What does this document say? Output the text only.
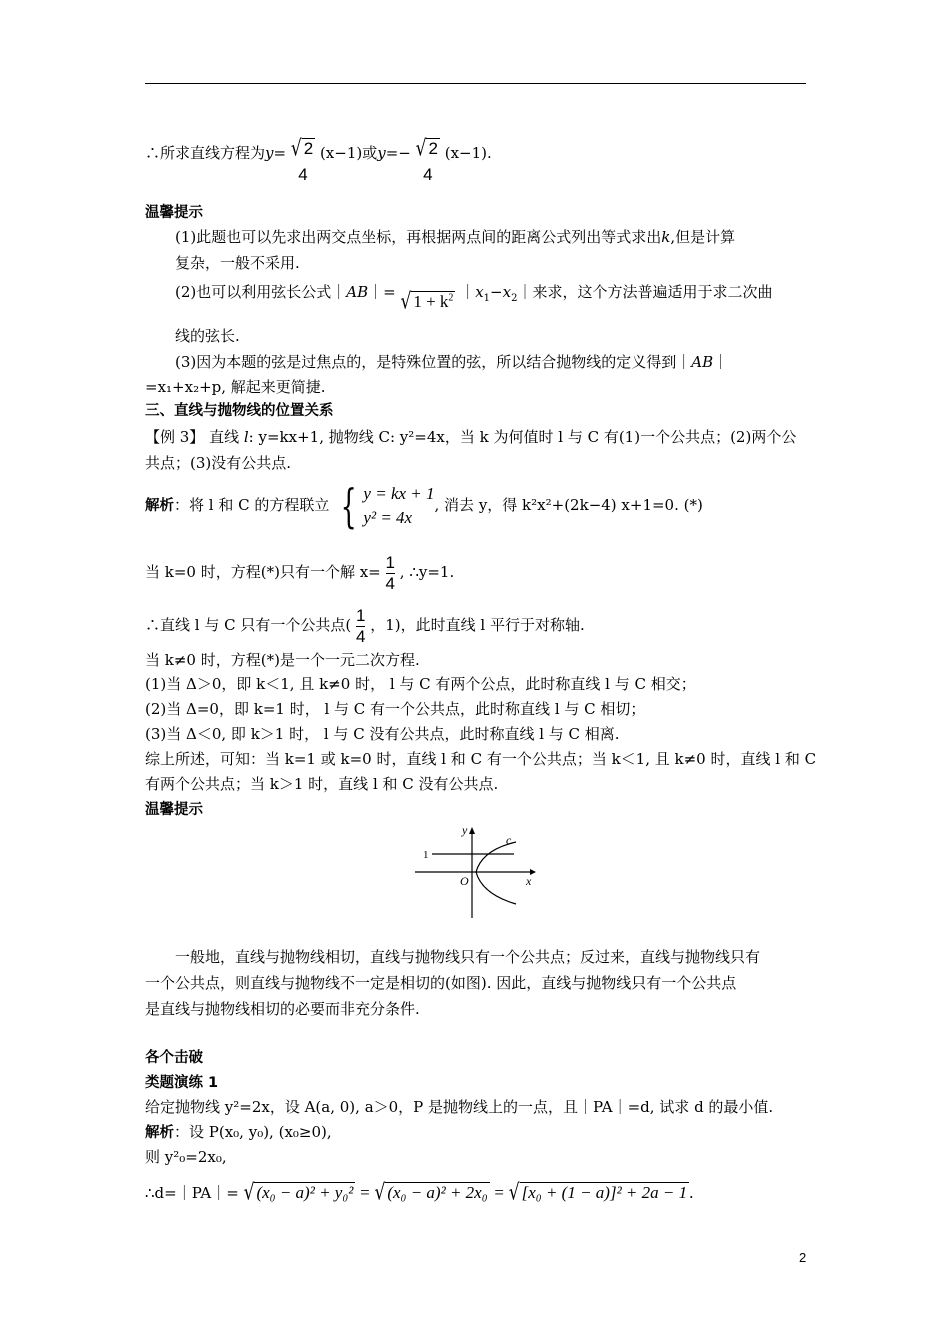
∴所求直线方程为y= √ 2
4
(x−1)或y=− √ 2
4
(x−1).
温馨提示
(1)此题也可以先求出两交点坐标，再根据两点间的距离公式列出等式求出k,但是计算
复杂，一般不采用.
(2)也可以利用弦长公式｜AB｜= √ $1 + k^2$ $|x_1-x_2|$来求，这个方法普遍适用于求二次曲
线的弦长.
(3)因为本题的弦是过焦点的，是特殊位置的弦，所以结合抛物线的定义得到｜AB｜
=x₁+x₂+p, 解起来更简捷.
三、直线与抛物线的位置关系
【例 3】 直线 l: y=kx+1, 抛物线 C: y²=4x，当 k 为何值时 l 与 C 有(1)一个公共点；(2)两个公
共点；(3)没有公共点.
解析：将 l 和 C 的方程联立 { y = kx + 1
y² = 4x
, 消去 y，得 k²x²+(2k−4) x+1=0. (*)
当 k=0 时，方程(*)只有一个解 $x= \frac{1}{4}$ , ∴y=1.
∴直线 l 与 C 只有一个公共点( $\frac{1}{4}$ ，1)，此时直线 l 平行于对称轴.
当 k≠0 时，方程(*)是一个一元二次方程.
(1)当 Δ＞0，即 k＜1, 且 k≠0 时， l 与 C 有两个公点，此时称直线 l 与 C 相交；
(2)当 Δ=0，即 k=1 时， l 与 C 有一个公共点，此时称直线 l 与 C 相切；
(3)当 Δ＜0, 即 k＞1 时， l 与 C 没有公共点，此时称直线 l 与 C 相离.
综上所述，可知：当 k=1 或 k=0 时，直线 l 和 C 有一个公共点；当 k＜1, 且 k≠0 时，直线 l 和 C
有两个公共点；当 k＞1 时，直线 l 和 C 没有公共点.
温馨提示
y
x
c
O
1
一般地，直线与抛物线相切，直线与抛物线只有一个公共点；反过来，直线与抛物线只有
一个公共点，则直线与抛物线不一定是相切的(如图). 因此，直线与抛物线只有一个公共点
是直线与抛物线相切的必要而非充分条件.
各个击破
类题演练 1
给定抛物线 y²=2x，设 A(a, 0), a＞0，P 是抛物线上的一点，且｜PA｜=d, 试求 d 的最小值.
解析：设 P(x₀, y₀), (x₀≥0),
则 y²₀=2x₀,
∴d=｜PA｜= √ (x₀ − a)² + y₀² = √ (x₀ − a)² + 2x₀ = √ [x₀ + (1 − a)]² + 2a − 1 .
2
